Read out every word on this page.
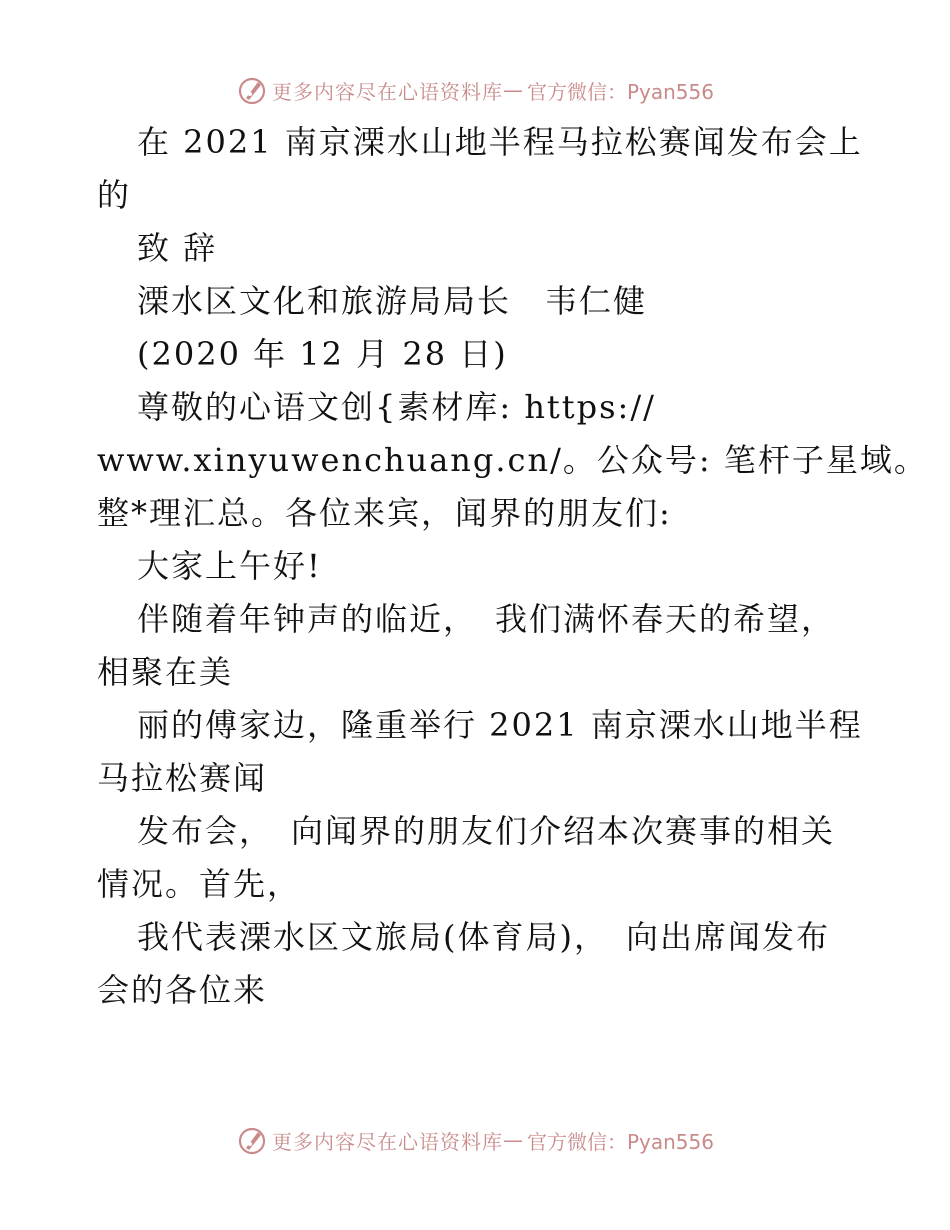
更多内容尽在心语资料库 — 官方微信：Pyan556
在 2021 南京溧水山地半程马拉松赛闻发布会上
的
致 辞
溧水区文化和旅游局局长　韦仁健
(2020 年 12 月 28 日)
尊敬的心语文创{素材库: https://
www.xinyuwenchuang.cn/。公众号: 笔杆子星域。
整*理汇总。各位来宾，闻界的朋友们:
大家上午好!
伴随着年钟声的临近，　我们满怀春天的希望，
相聚在美
丽的傅家边，隆重举行 2021 南京溧水山地半程
马拉松赛闻
发布会，　向闻界的朋友们介绍本次赛事的相关
情况。首先，
我代表溧水区文旅局(体育局)，　向出席闻发布
会的各位来
更多内容尽在心语资料库 — 官方微信：Pyan556
